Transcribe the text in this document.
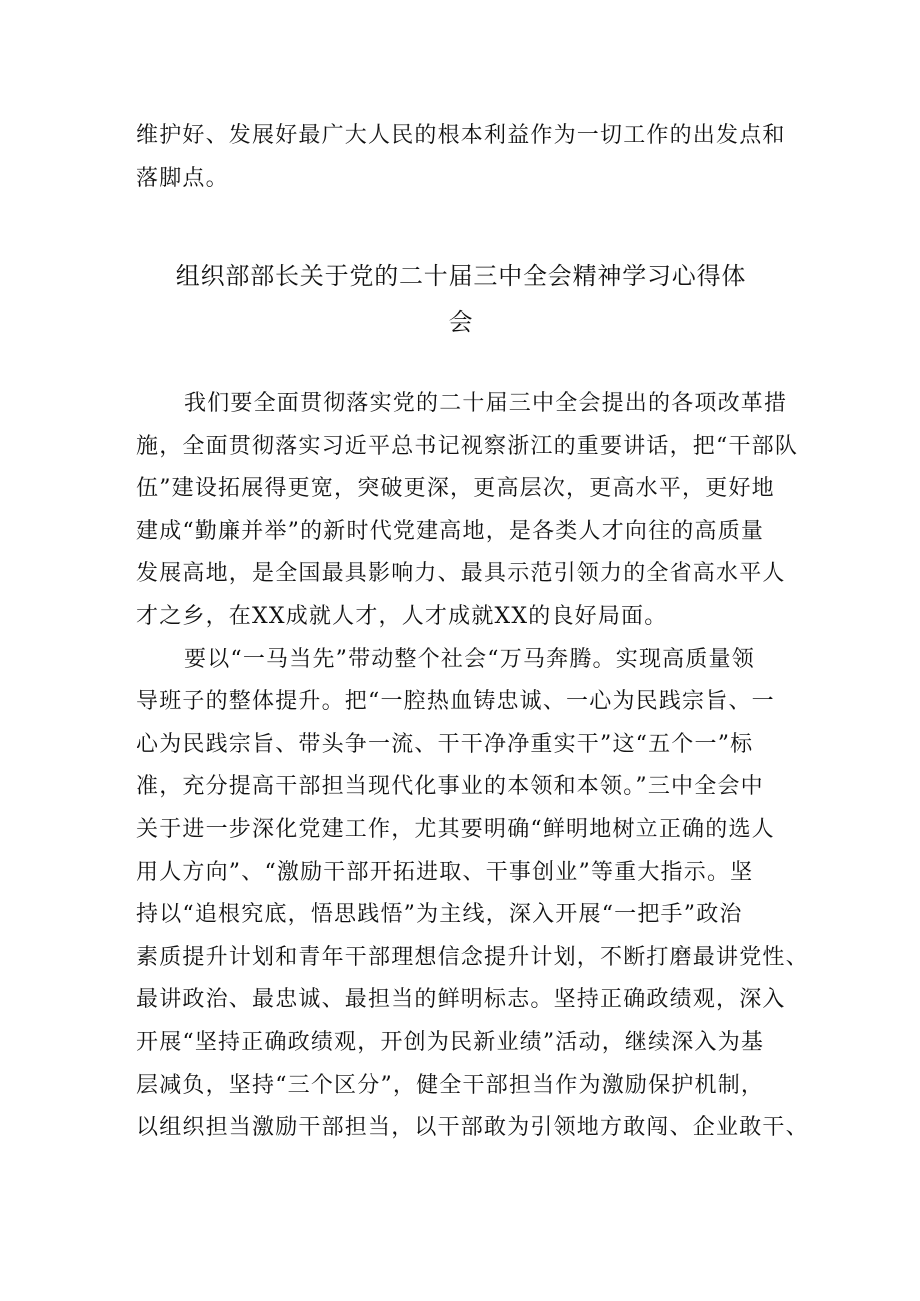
维护好、发展好最广大人民的根本利益作为一切工作的出发点和
落脚点。
组织部部长关于党的二十届三中全会精神学习心得体
会
我们要全面贯彻落实党的二十届三中全会提出的各项改革措
施，全面贯彻落实习近平总书记视察浙江的重要讲话，把“干部队
伍”建设拓展得更宽，突破更深，更高层次，更高水平，更好地
建成“勤廉并举”的新时代党建高地，是各类人才向往的高质量
发展高地，是全国最具影响力、最具示范引领力的全省高水平人
才之乡，在XX成就人才，人才成就XX的良好局面。
要以“一马当先”带动整个社会“万马奔腾。实现高质量领
导班子的整体提升。把“一腔热血铸忠诚、一心为民践宗旨、一
心为民践宗旨、带头争一流、干干净净重实干”这“五个一”标
准，充分提高干部担当现代化事业的本领和本领。”三中全会中
关于进一步深化党建工作，尤其要明确“鲜明地树立正确的选人
用人方向”、“激励干部开拓进取、干事创业”等重大指示。坚
持以“追根究底，悟思践悟”为主线，深入开展“一把手”政治
素质提升计划和青年干部理想信念提升计划，不断打磨最讲党性、
最讲政治、最忠诚、最担当的鲜明标志。坚持正确政绩观，深入
开展“坚持正确政绩观，开创为民新业绩”活动，继续深入为基
层减负，坚持“三个区分”，健全干部担当作为激励保护机制，
以组织担当激励干部担当，以干部敢为引领地方敢闯、企业敢干、
